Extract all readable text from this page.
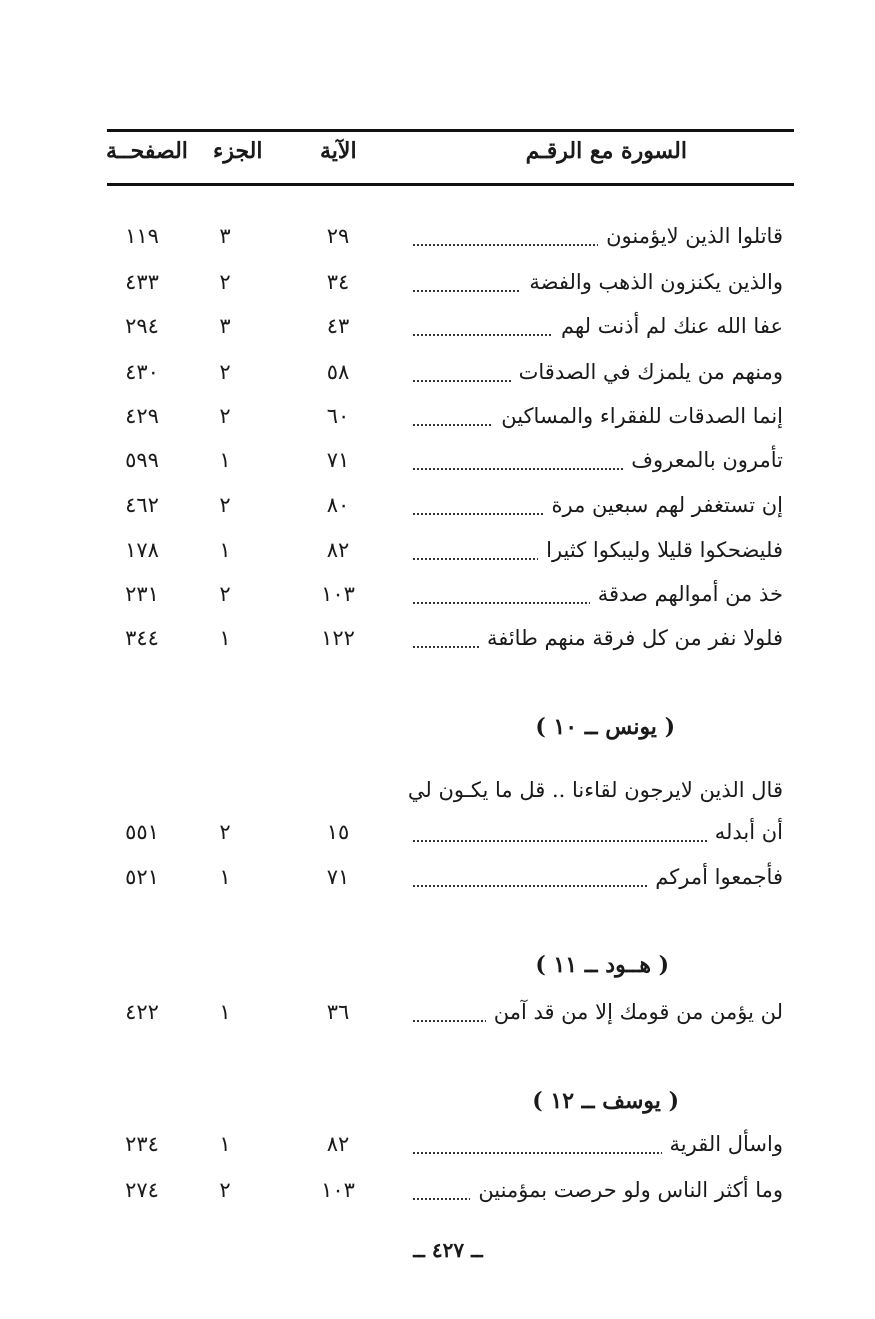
السورة مع الرقـم
الآية
الجزء
الصفحــة
قاتلوا الذين لايؤمنون
٢٩
٣
١١٩
والذين يكنزون الذهب والفضة
٣٤
٢
٤٣٣
عفا الله عنك لم أذنت لهم
٤٣
٣
٢٩٤
ومنهم من يلمزك في الصدقات
٥٨
٢
٤٣٠
إنما الصدقات للفقراء والمساكين
٦٠
٢
٤٢٩
تأمرون بالمعروف
٧١
١
٥٩٩
إن تستغفر لهم سبعين مرة
٨٠
٢
٤٦٢
فليضحكوا قليلا وليبكوا كثيرا
٨٢
١
١٧٨
خذ من أموالهم صدقة
١٠٣
٢
٢٣١
فلولا نفر من كل فرقة منهم طائفة
١٢٢
١
٣٤٤
( يونس ــ ١٠ )
قال الذين لايرجون لقاءنا .. قل ما يكـون لي
أن أبدله
١٥
٢
٥٥١
فأجمعوا أمركم
٧١
١
٥٢١
( هــود ــ ١١ )
لن يؤمن من قومك إلا من قد آمن
٣٦
١
٤٢٢
( يوسف ــ ١٢ )
واسأل القرية
٨٢
١
٢٣٤
وما أكثر الناس ولو حرصت بمؤمنين
١٠٣
٢
٢٧٤
ــ ٤٢٧ ــ
